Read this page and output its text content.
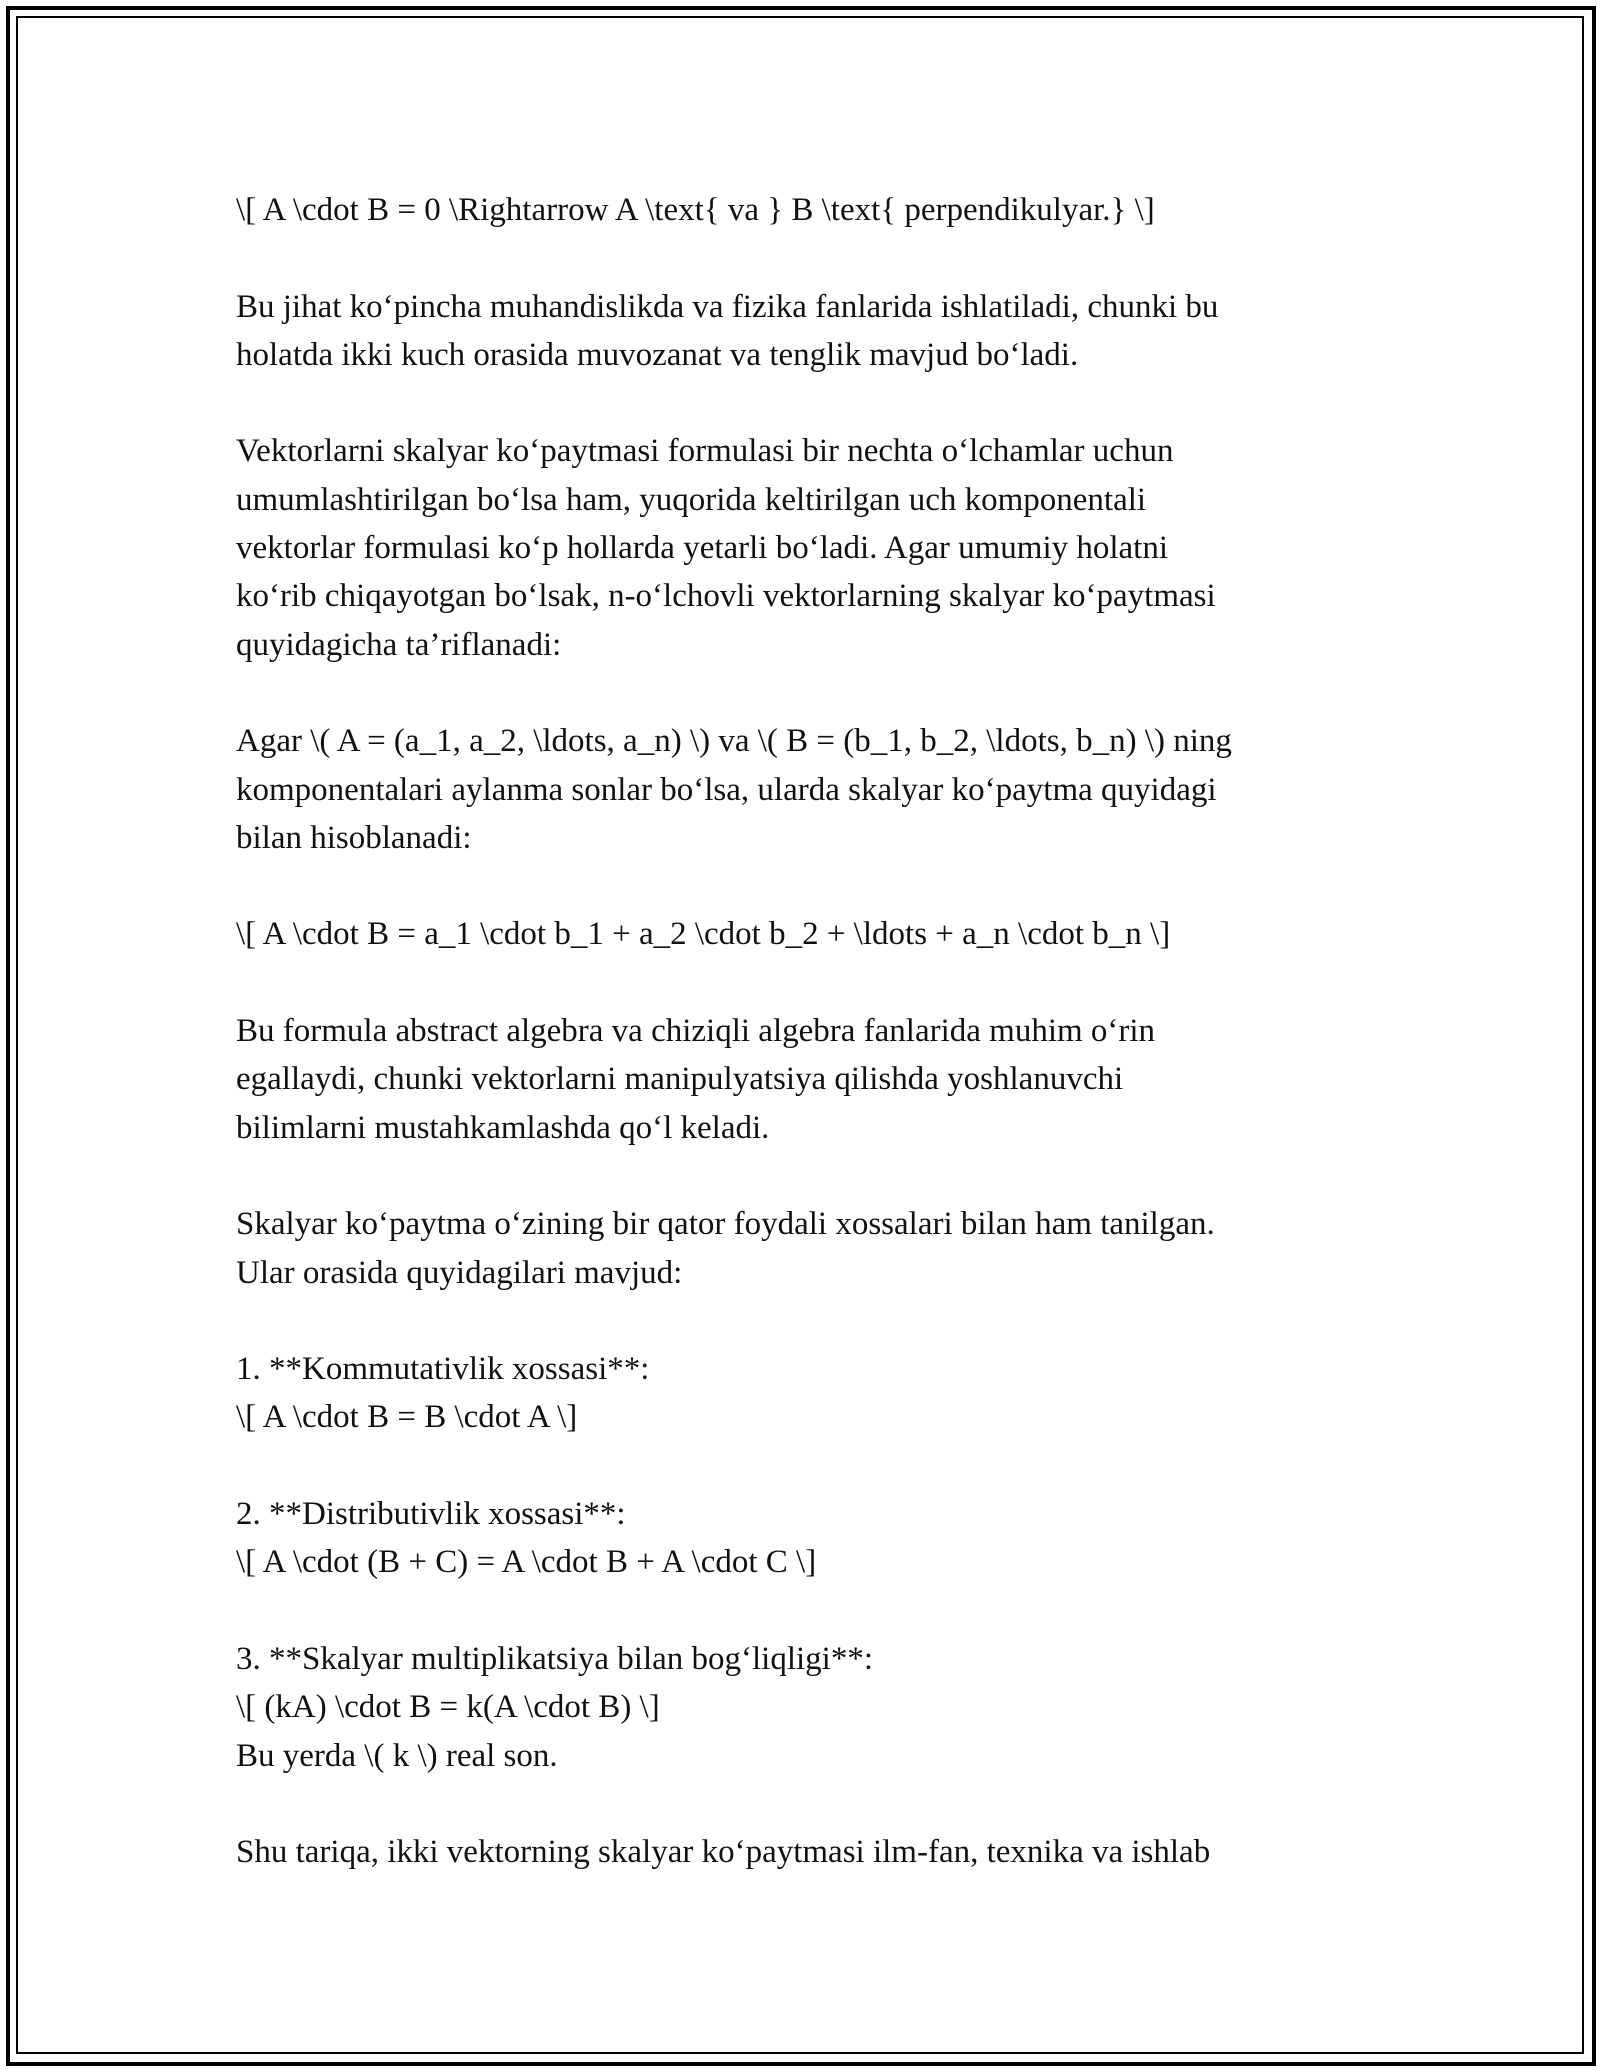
\[ A \cdot B = 0 \Rightarrow A \text{ va } B \text{ perpendikulyar.} \]
Bu jihat ko‘pincha muhandislikda va fizika fanlarida ishlatiladi, chunki bu
holatda ikki kuch orasida muvozanat va tenglik mavjud bo‘ladi.
Vektorlarni skalyar ko‘paytmasi formulasi bir nechta o‘lchamlar uchun
umumlashtirilgan bo‘lsa ham, yuqorida keltirilgan uch komponentali
vektorlar formulasi ko‘p hollarda yetarli bo‘ladi. Agar umumiy holatni
ko‘rib chiqayotgan bo‘lsak, n-o‘lchovli vektorlarning skalyar ko‘paytmasi
quyidagicha ta’riflanadi:
Agar \( A = (a_1, a_2, \ldots, a_n) \) va \( B = (b_1, b_2, \ldots, b_n) \) ning
komponentalari aylanma sonlar bo‘lsa, ularda skalyar ko‘paytma quyidagi
bilan hisoblanadi:
\[ A \cdot B = a_1 \cdot b_1 + a_2 \cdot b_2 + \ldots + a_n \cdot b_n \]
Bu formula abstract algebra va chiziqli algebra fanlarida muhim o‘rin
egallaydi, chunki vektorlarni manipulyatsiya qilishda yoshlanuvchi
bilimlarni mustahkamlashda qo‘l keladi.
Skalyar ko‘paytma o‘zining bir qator foydali xossalari bilan ham tanilgan.
Ular orasida quyidagilari mavjud:
1. **Kommutativlik xossasi**:
\[ A \cdot B = B \cdot A \]
2. **Distributivlik xossasi**:
\[ A \cdot (B + C) = A \cdot B + A \cdot C \]
3. **Skalyar multiplikatsiya bilan bog‘liqligi**:
\[ (kA) \cdot B = k(A \cdot B) \]
Bu yerda \( k \) real son.
Shu tariqa, ikki vektorning skalyar ko‘paytmasi ilm-fan, texnika va ishlab
